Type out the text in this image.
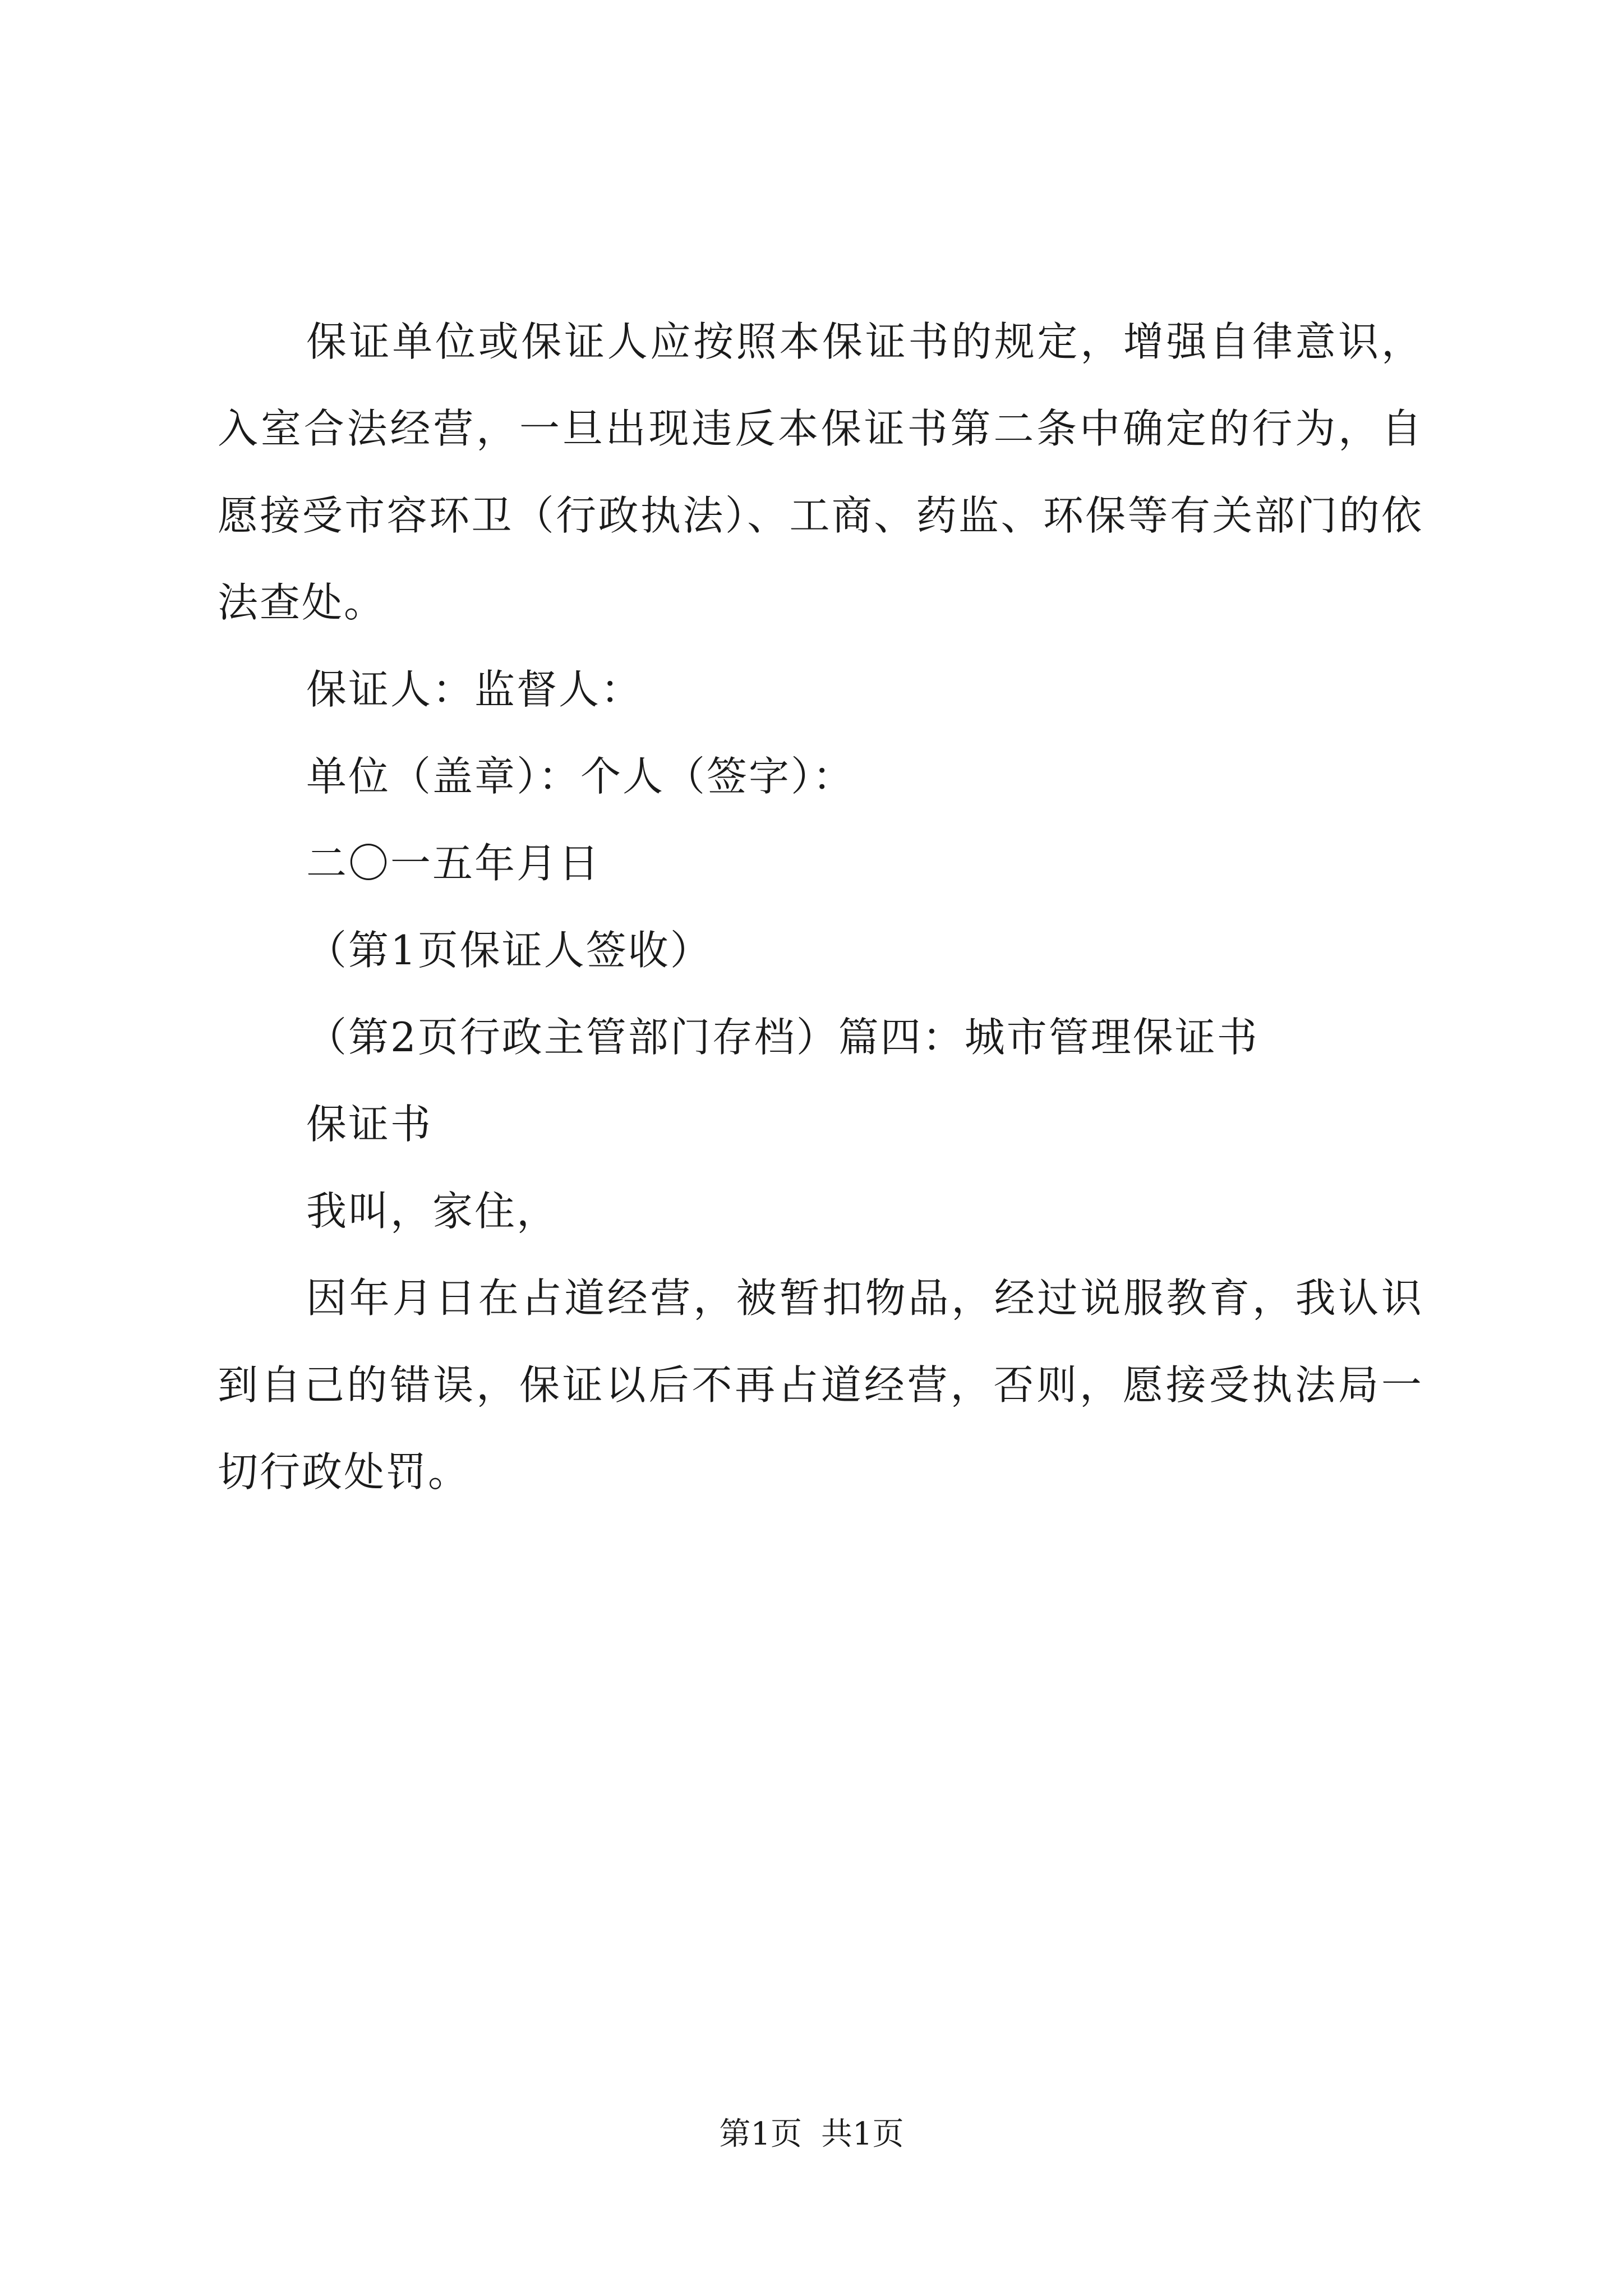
保证单位或保证人应按照本保证书的规定，增强自律意识，入室合法经营，一旦出现违反本保证书第二条中确定的行为，自愿接受市容环卫（行政执法）、工商、药监、环保等有关部门的依法查处。

保证人：监督人：

单位（盖章）：个人（签字）：

二〇一五年月日

（第1页保证人签收）

（第2页行政主管部门存档）篇四：城市管理保证书

保证书

我叫，家住，

因年月日在占道经营，被暂扣物品，经过说服教育，我认识到自己的错误，保证以后不再占道经营，否则，愿接受执法局一切行政处罚。

第1页 共1页
